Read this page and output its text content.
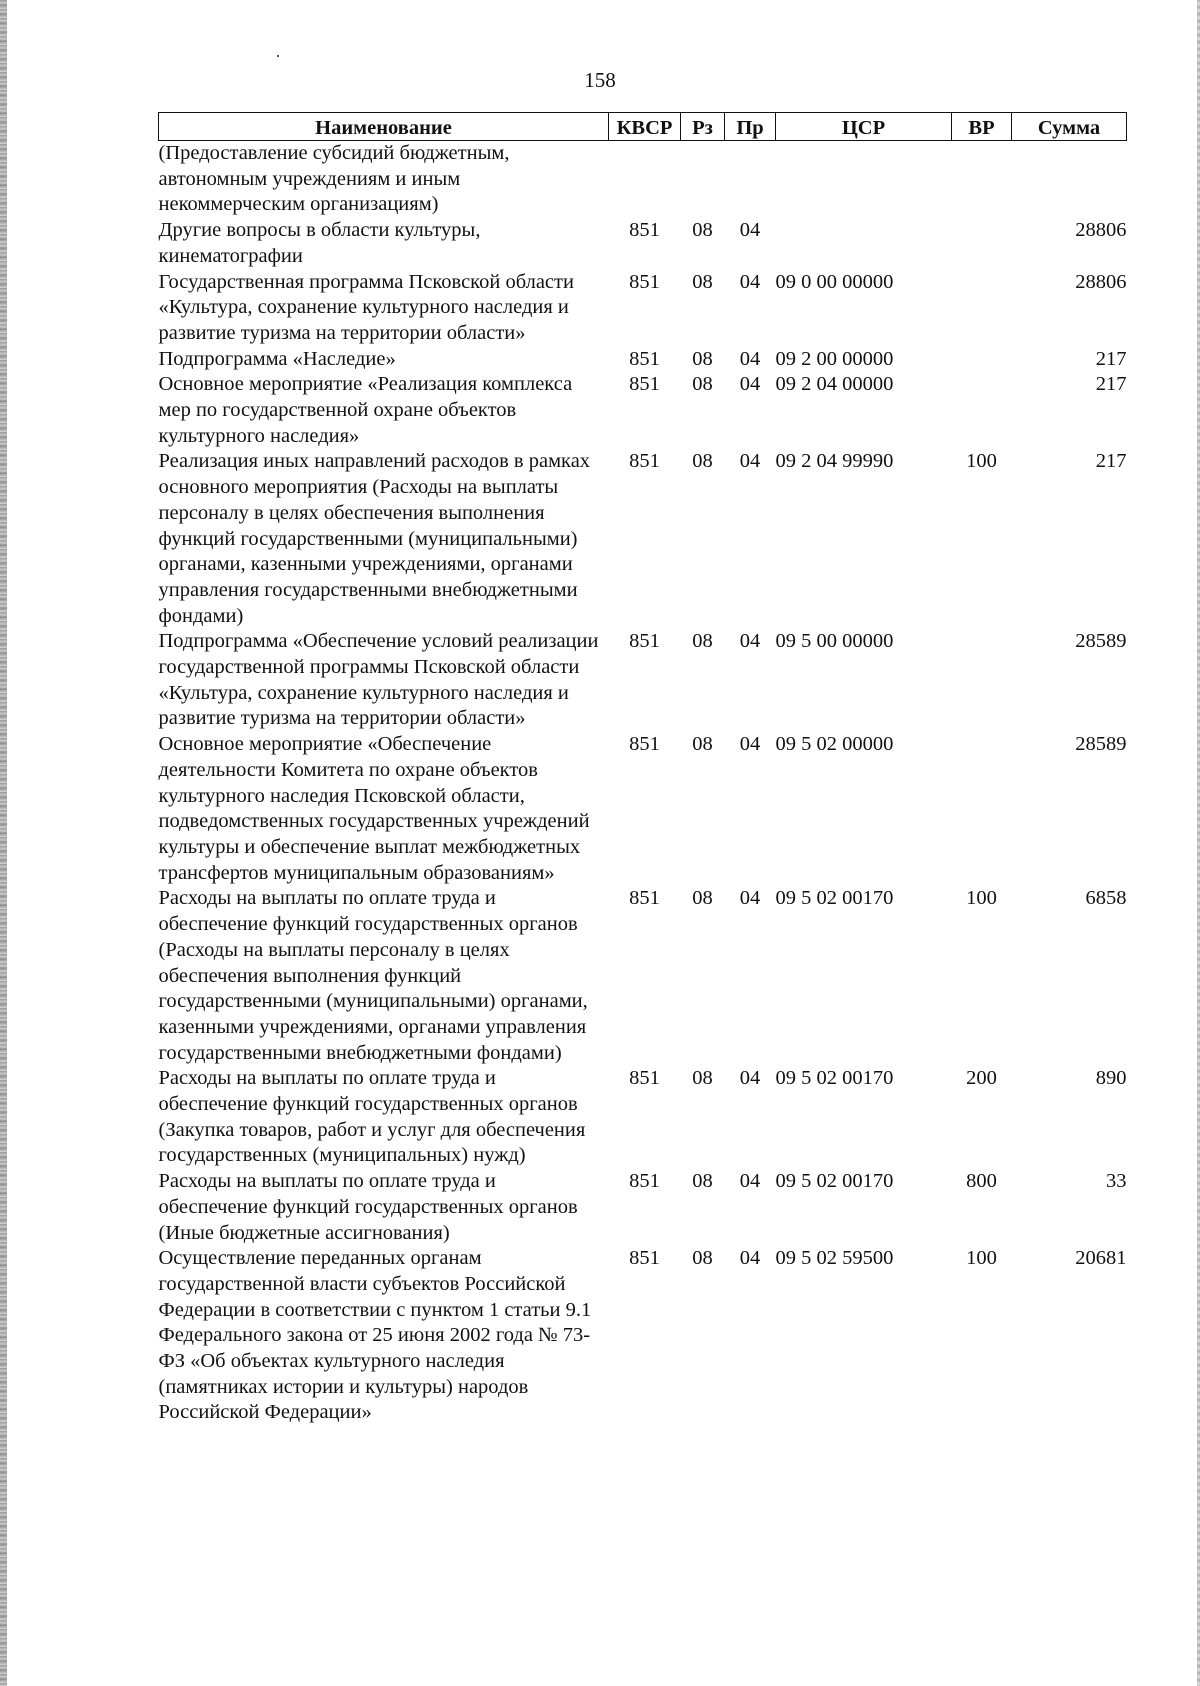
158
Наименование	КВСР	Рз	Пр	ЦСР	ВР	Сумма
(Предоставление субсидий бюджетным, автономным учреждениям и иным некоммерческим организациям)						
Другие вопросы в области культуры, кинематографии	851	08	04			28806
Государственная программа Псковской области «Культура, сохранение культурного наследия и развитие туризма на территории области»	851	08	04	09 0 00 00000		28806
Подпрограмма «Наследие»	851	08	04	09 2 00 00000		217
Основное мероприятие «Реализация комплекса мер по государственной охране объектов культурного наследия»	851	08	04	09 2 04 00000		217
Реализация иных направлений расходов в рамках основного мероприятия (Расходы на выплаты персоналу в целях обеспечения выполнения функций государственными (муниципальными) органами, казенными учреждениями, органами управления государственными внебюджетными фондами)	851	08	04	09 2 04 99990	100	217
Подпрограмма «Обеспечение условий реализации государственной программы Псковской области «Культура, сохранение культурного наследия и развитие туризма на территории области»	851	08	04	09 5 00 00000		28589
Основное мероприятие «Обеспечение деятельности Комитета по охране объектов культурного наследия Псковской области, подведомственных государственных учреждений культуры и обеспечение выплат межбюджетных трансфертов муниципальным образованиям»	851	08	04	09 5 02 00000		28589
Расходы на выплаты по оплате труда и обеспечение функций государственных органов (Расходы на выплаты персоналу в целях обеспечения выполнения функций государственными (муниципальными) органами, казенными учреждениями, органами управления государственными внебюджетными фондами)	851	08	04	09 5 02 00170	100	6858
Расходы на выплаты по оплате труда и обеспечение функций государственных органов (Закупка товаров, работ и услуг для обеспечения государственных (муниципальных) нужд)	851	08	04	09 5 02 00170	200	890
Расходы на выплаты по оплате труда и обеспечение функций государственных органов (Иные бюджетные ассигнования)	851	08	04	09 5 02 00170	800	33
Осуществление переданных органам государственной власти субъектов Российской Федерации в соответствии с пунктом 1 статьи 9.1 Федерального закона от 25 июня 2002 года № 73-ФЗ «Об объектах культурного наследия (памятниках истории и культуры) народов Российской Федерации»	851	08	04	09 5 02 59500	100	20681
